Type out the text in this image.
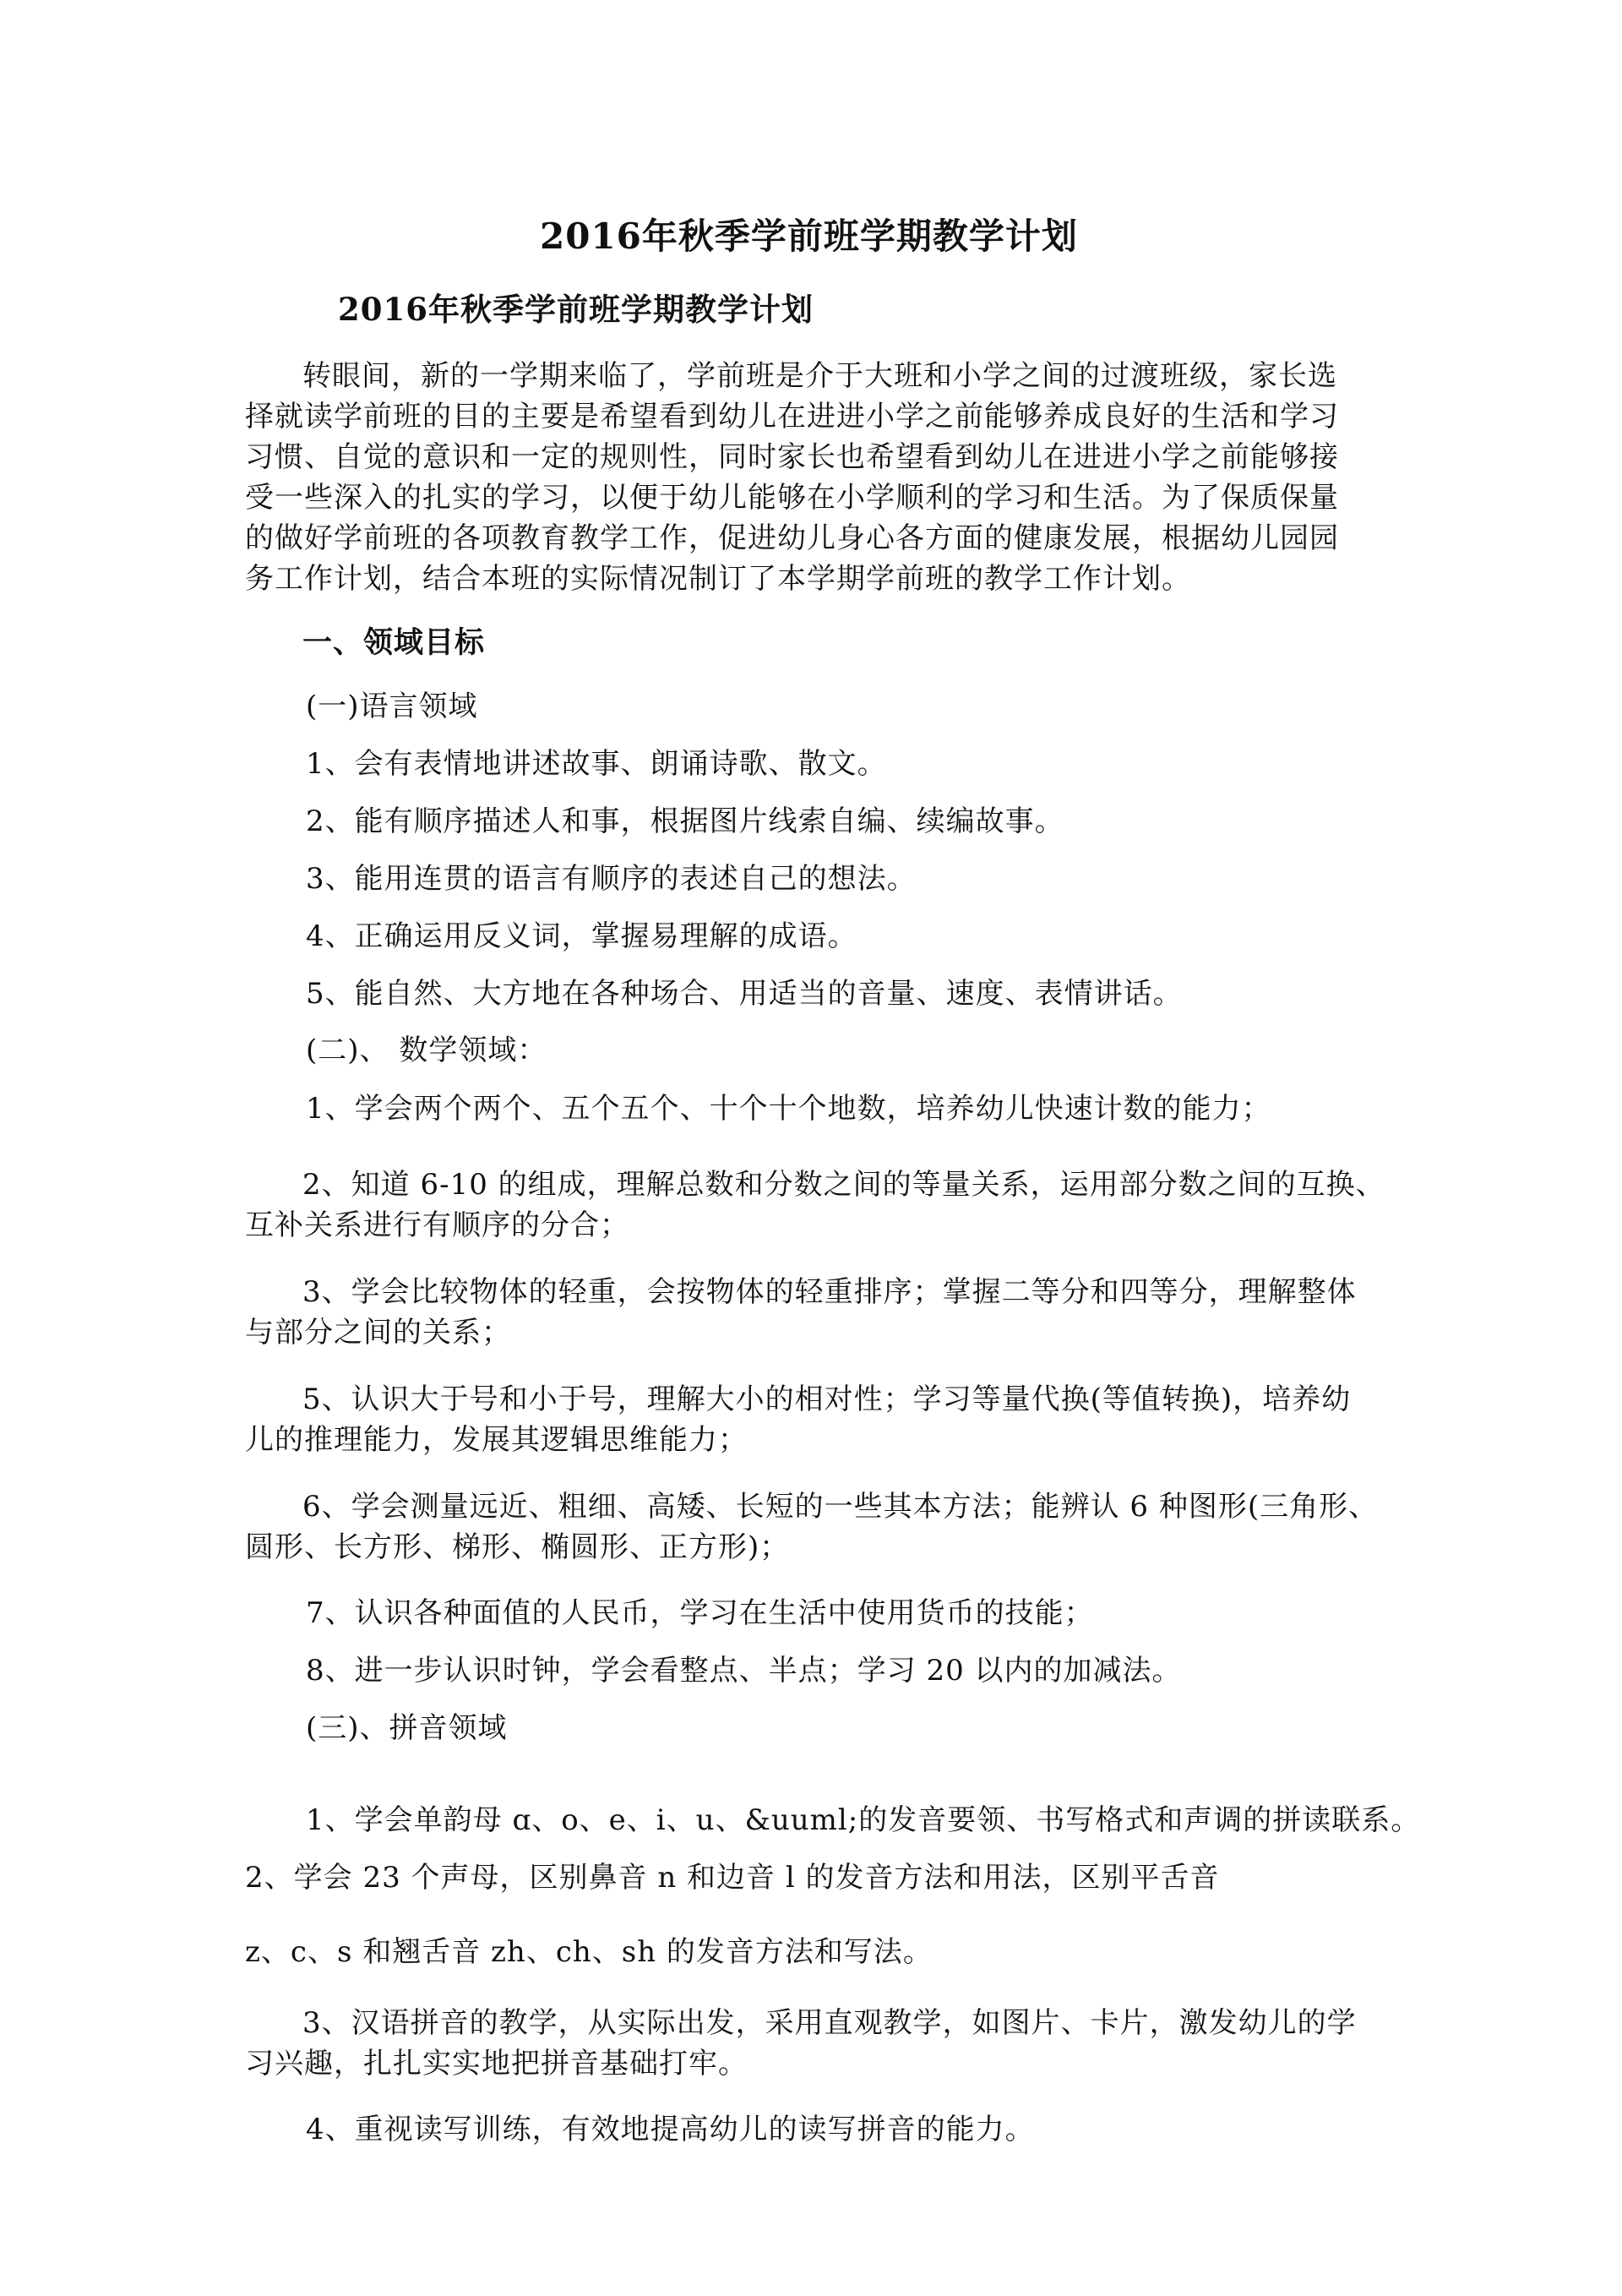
2016年秋季学前班学期教学计划
2016年秋季学前班学期教学计划
转眼间，新的一学期来临了，学前班是介于大班和小学之间的过渡班级，家长选
择就读学前班的目的主要是希望看到幼儿在进进小学之前能够养成良好的生活和学习
习惯、自觉的意识和一定的规则性，同时家长也希望看到幼儿在进进小学之前能够接
受一些深入的扎实的学习，以便于幼儿能够在小学顺利的学习和生活。为了保质保量
的做好学前班的各项教育教学工作，促进幼儿身心各方面的健康发展，根据幼儿园园
务工作计划，结合本班的实际情况制订了本学期学前班的教学工作计划。
一、领域目标
(一)语言领域
1、会有表情地讲述故事、朗诵诗歌、散文。
2、能有顺序描述人和事，根据图片线索自编、续编故事。
3、能用连贯的语言有顺序的表述自己的想法。
4、正确运用反义词，掌握易理解的成语。
5、能自然、大方地在各种场合、用适当的音量、速度、表情讲话。
(二)、 数学领域：
1、学会两个两个、五个五个、十个十个地数，培养幼儿快速计数的能力；
2、知道 6-10 的组成，理解总数和分数之间的等量关系，运用部分数之间的互换、
互补关系进行有顺序的分合；
3、学会比较物体的轻重，会按物体的轻重排序；掌握二等分和四等分，理解整体
与部分之间的关系；
5、认识大于号和小于号，理解大小的相对性；学习等量代换(等值转换)，培养幼
儿的推理能力，发展其逻辑思维能力；
6、学会测量远近、粗细、高矮、长短的一些其本方法；能辨认 6 种图形(三角形、
圆形、长方形、梯形、椭圆形、正方形)；
7、认识各种面值的人民币，学习在生活中使用货币的技能；
8、进一步认识时钟，学会看整点、半点；学习 20 以内的加减法。
(三)、拼音领域
1、学会单韵母 ɑ、o、e、i、u、&uuml;的发音要领、书写格式和声调的拼读联系。
2、学会 23 个声母，区别鼻音 n 和边音 l 的发音方法和用法，区别平舌音
z、c、s 和翘舌音 zh、ch、sh 的发音方法和写法。
3、汉语拼音的教学，从实际出发，采用直观教学，如图片、卡片，激发幼儿的学
习兴趣，扎扎实实地把拼音基础打牢。
4、重视读写训练，有效地提高幼儿的读写拼音的能力。
